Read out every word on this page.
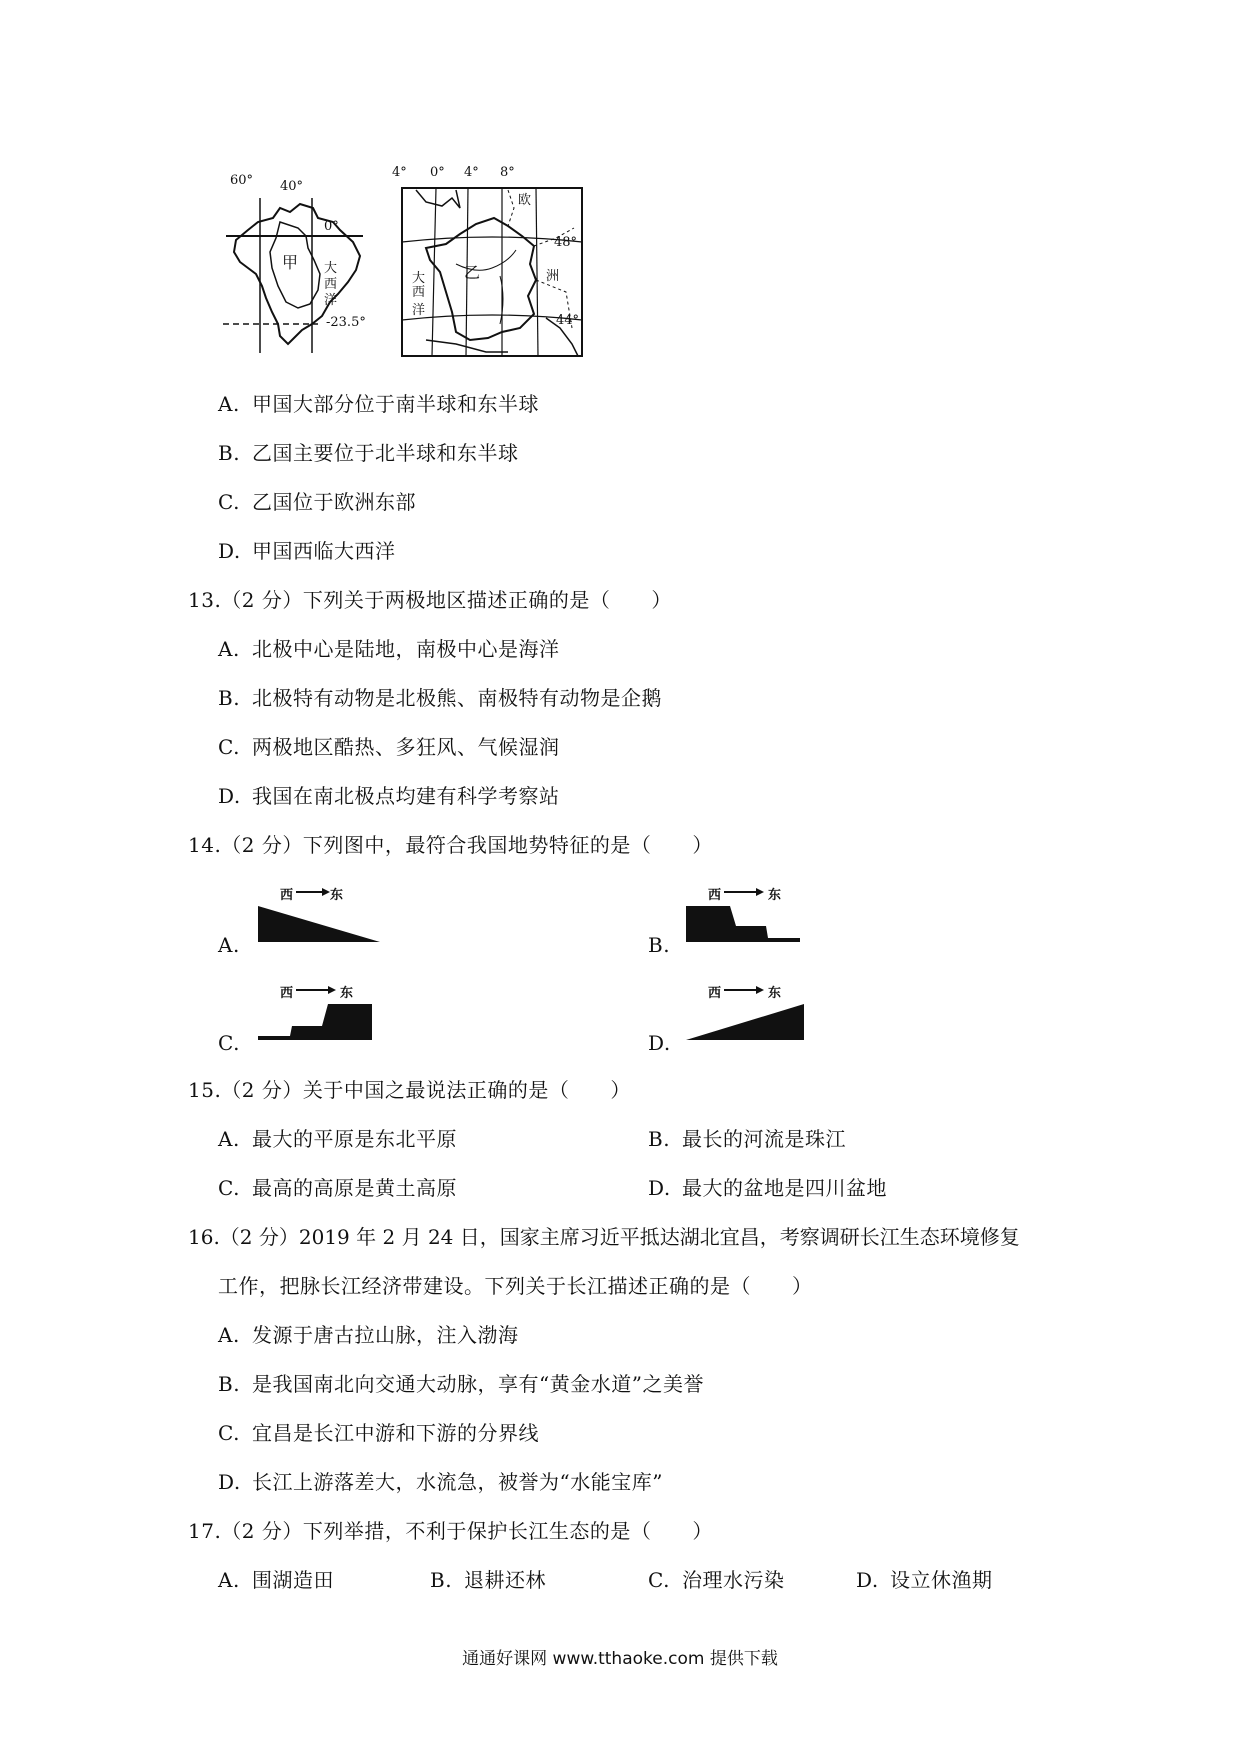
60° 40°
0°
-23.5°
甲 大
西
洋
4° 0° 4° 8°
48°
44°
乙
欧
洲
大
西
洋
A. 甲国大部分位于南半球和东半球
B. 乙国主要位于北半球和东半球
C. 乙国位于欧洲东部
D. 甲国西临大西洋
13.（2 分）下列关于两极地区描述正确的是（　　）
A. 北极中心是陆地，南极中心是海洋
B. 北极特有动物是北极熊、南极特有动物是企鹅
C. 两极地区酷热、多狂风、气候湿润
D. 我国在南北极点均建有科学考察站
14.（2 分）下列图中，最符合我国地势特征的是（　　）
A.
西	东
B.
西	东
C.
西	东
D.
西	东
15.（2 分）关于中国之最说法正确的是（　　）
A. 最大的平原是东北平原	B. 最长的河流是珠江
C. 最高的高原是黄土高原	D. 最大的盆地是四川盆地
16.（2 分）2019 年 2 月 24 日，国家主席习近平抵达湖北宜昌，考察调研长江生态环境修复
工作，把脉长江经济带建设。下列关于长江描述正确的是（　　）
A. 发源于唐古拉山脉，注入渤海
B. 是我国南北向交通大动脉，享有“黄金水道”之美誉
C. 宜昌是长江中游和下游的分界线
D. 长江上游落差大，水流急，被誉为“水能宝库”
17.（2 分）下列举措，不利于保护长江生态的是（　　）
A. 围湖造田	B. 退耕还林	C. 治理水污染	D. 设立休渔期
通通好课网 www.tthaoke.com 提供下载
